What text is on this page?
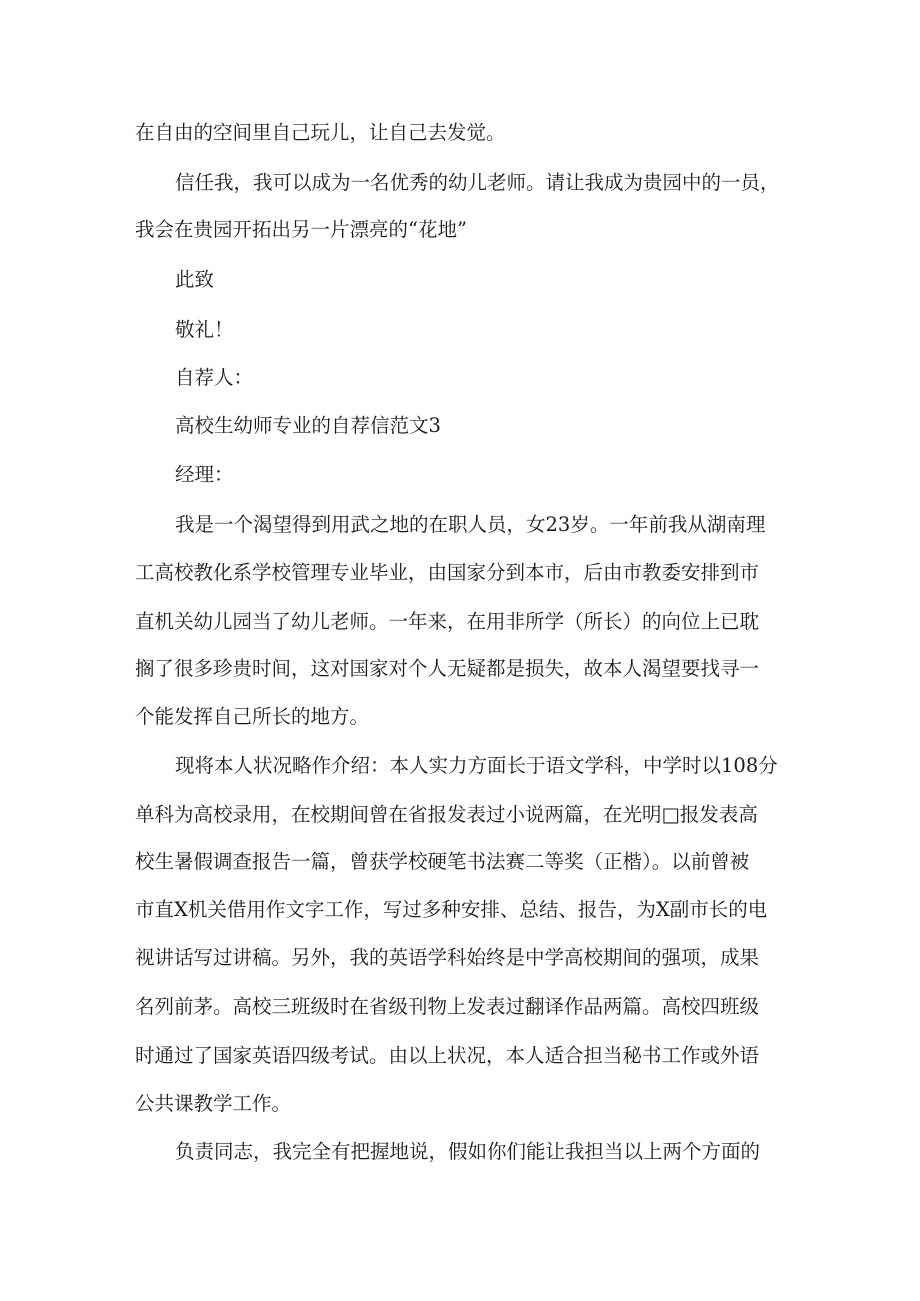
在自由的空间里自己玩儿，让自己去发觉。
信任我，我可以成为一名优秀的幼儿老师。请让我成为贵园中的一员，
我会在贵园开拓出另一片漂亮的“花地”
此致
敬礼！
自荐人：
高校生幼师专业的自荐信范文3
经理：
我是一个渴望得到用武之地的在职人员，女23岁。一年前我从湖南理
工高校教化系学校管理专业毕业，由国家分到本市，后由市教委安排到市
直机关幼儿园当了幼儿老师。一年来，在用非所学（所长）的向位上已耽
搁了很多珍贵时间，这对国家对个人无疑都是损失，故本人渴望要找寻一
个能发挥自己所长的地方。
现将本人状况略作介绍：本人实力方面长于语文学科，中学时以108分
单科为高校录用，在校期间曾在省报发表过小说两篇，在光明□报发表高
校生暑假调查报告一篇，曾获学校硬笔书法赛二等奖（正楷）。以前曾被
市直X机关借用作文字工作，写过多种安排、总结、报告，为X副市长的电
视讲话写过讲稿。另外，我的英语学科始终是中学高校期间的强项，成果
名列前茅。高校三班级时在省级刊物上发表过翻译作品两篇。高校四班级
时通过了国家英语四级考试。由以上状况，本人适合担当秘书工作或外语
公共课教学工作。
负责同志，我完全有把握地说，假如你们能让我担当以上两个方面的
